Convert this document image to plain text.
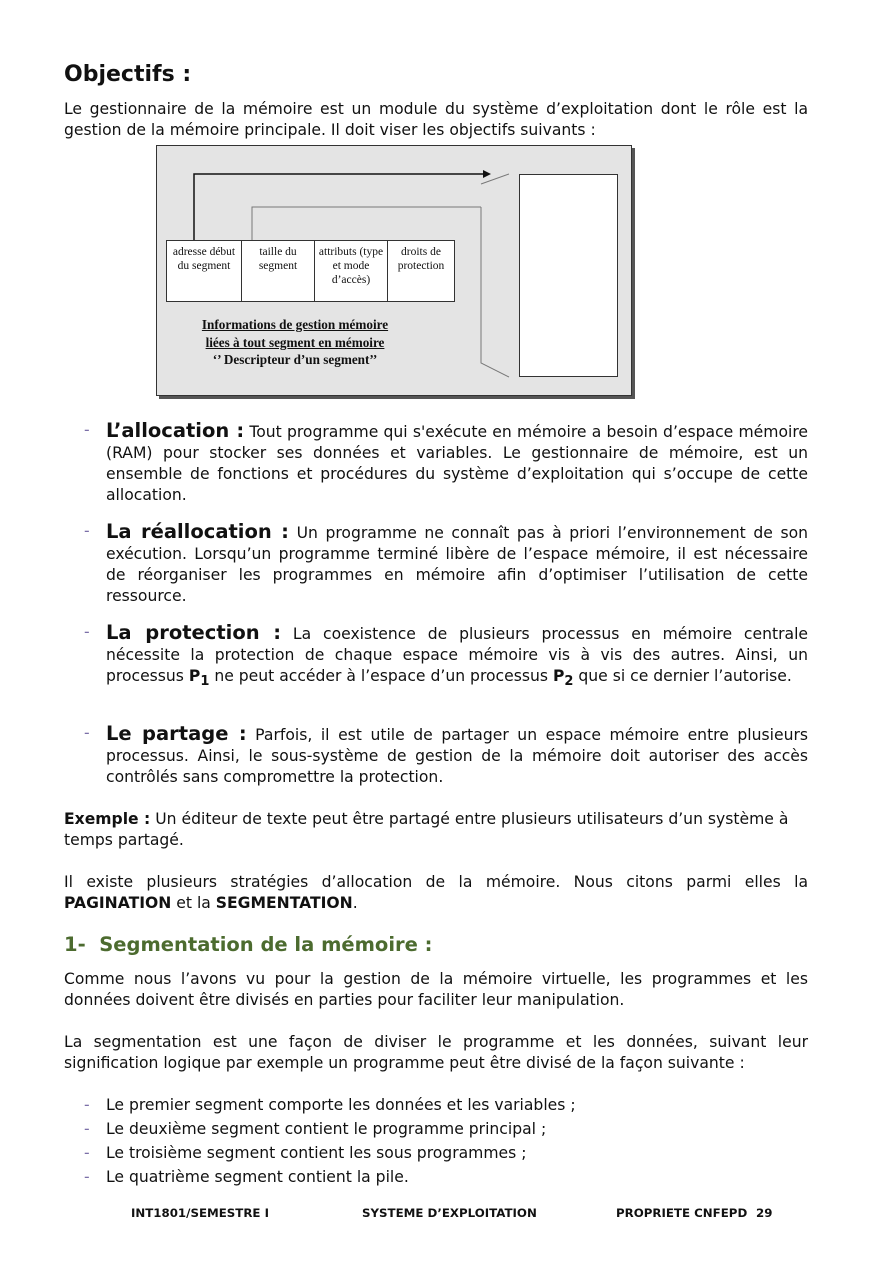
Objectifs :
Le gestionnaire de la mémoire est un module du système d’exploitation dont le rôle est la gestion de la mémoire principale. Il doit viser les objectifs suivants :
adresse début du segment	taille du segment	attributs (type et mode d’accès)	droits de protection
Informations de gestion mémoire
liées à tout segment en mémoire
‘’ Descripteur d’un segment’’
- L’allocation : Tout programme qui s'exécute en mémoire a besoin d’espace mémoire (RAM) pour stocker ses données et variables. Le gestionnaire de mémoire, est un ensemble de fonctions et procédures du système d’exploitation qui s’occupe de cette allocation.
- La réallocation : Un programme ne connaît pas à priori l’environnement de son exécution. Lorsqu’un programme terminé libère de l’espace mémoire, il est nécessaire de réorganiser les programmes en mémoire afin d’optimiser l’utilisation de cette ressource.
- La protection : La coexistence de plusieurs processus en mémoire centrale nécessite la protection de chaque espace mémoire vis à vis des autres. Ainsi, un processus $P_1$ ne peut accéder à l’espace d’un processus $P_2$ que si ce dernier l’autorise.
- Le partage : Parfois, il est utile de partager un espace mémoire entre plusieurs processus. Ainsi, le sous-système de gestion de la mémoire doit autoriser des accès contrôlés sans compromettre la protection.
Exemple : Un éditeur de texte peut être partagé entre plusieurs utilisateurs d’un système à temps partagé.
Il existe plusieurs stratégies d’allocation de la mémoire. Nous citons parmi elles la PAGINATION et la SEGMENTATION.
1- Segmentation de la mémoire :
Comme nous l’avons vu pour la gestion de la mémoire virtuelle, les programmes et les données doivent être divisés en parties pour faciliter leur manipulation.
La segmentation est une façon de diviser le programme et les données, suivant leur signification logique par exemple un programme peut être divisé de la façon suivante :
- Le premier segment comporte les données et les variables ;
- Le deuxième segment contient le programme principal ;
- Le troisième segment contient les sous programmes ;
- Le quatrième segment contient la pile.
INT1801/SEMESTRE I	SYSTEME D’EXPLOITATION	PROPRIETE CNFEPD 29
